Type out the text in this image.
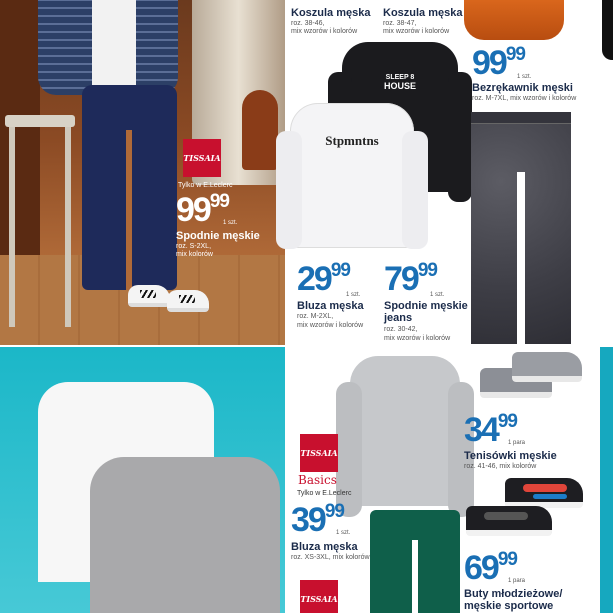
TISSAIA
Tylko w E.Leclerc
9999
1 szt.
Spodnie męskie
roz. S-2XL,
mix kolorów
Koszula męska
roz. 38-46,
mix wzorów i kolorów
Koszula męska
roz. 38-47,
mix wzorów i kolorów
SLEEP 8
HOUSE
Stpmntns
2999
1 szt.
Bluza męska
roz. M-2XL,
mix wzorów i kolorów
7999
1 szt.
Spodnie męskie
jeans
roz. 30-42,
mix wzorów i kolorów
9999
1 szt.
Bezrękawnik męski
roz. M-7XL, mix wzorów i kolorów
TISSAIA
Basics
Tylko w E.Leclerc
3999
1 szt.
Bluza męska
roz. XS-3XL, mix kolorów
TISSAIA
3499
1 para
Tenisówki męskie
roz. 41-46, mix kolorów
6999
1 para
Buty młodzieżowe/
męskie sportowe
